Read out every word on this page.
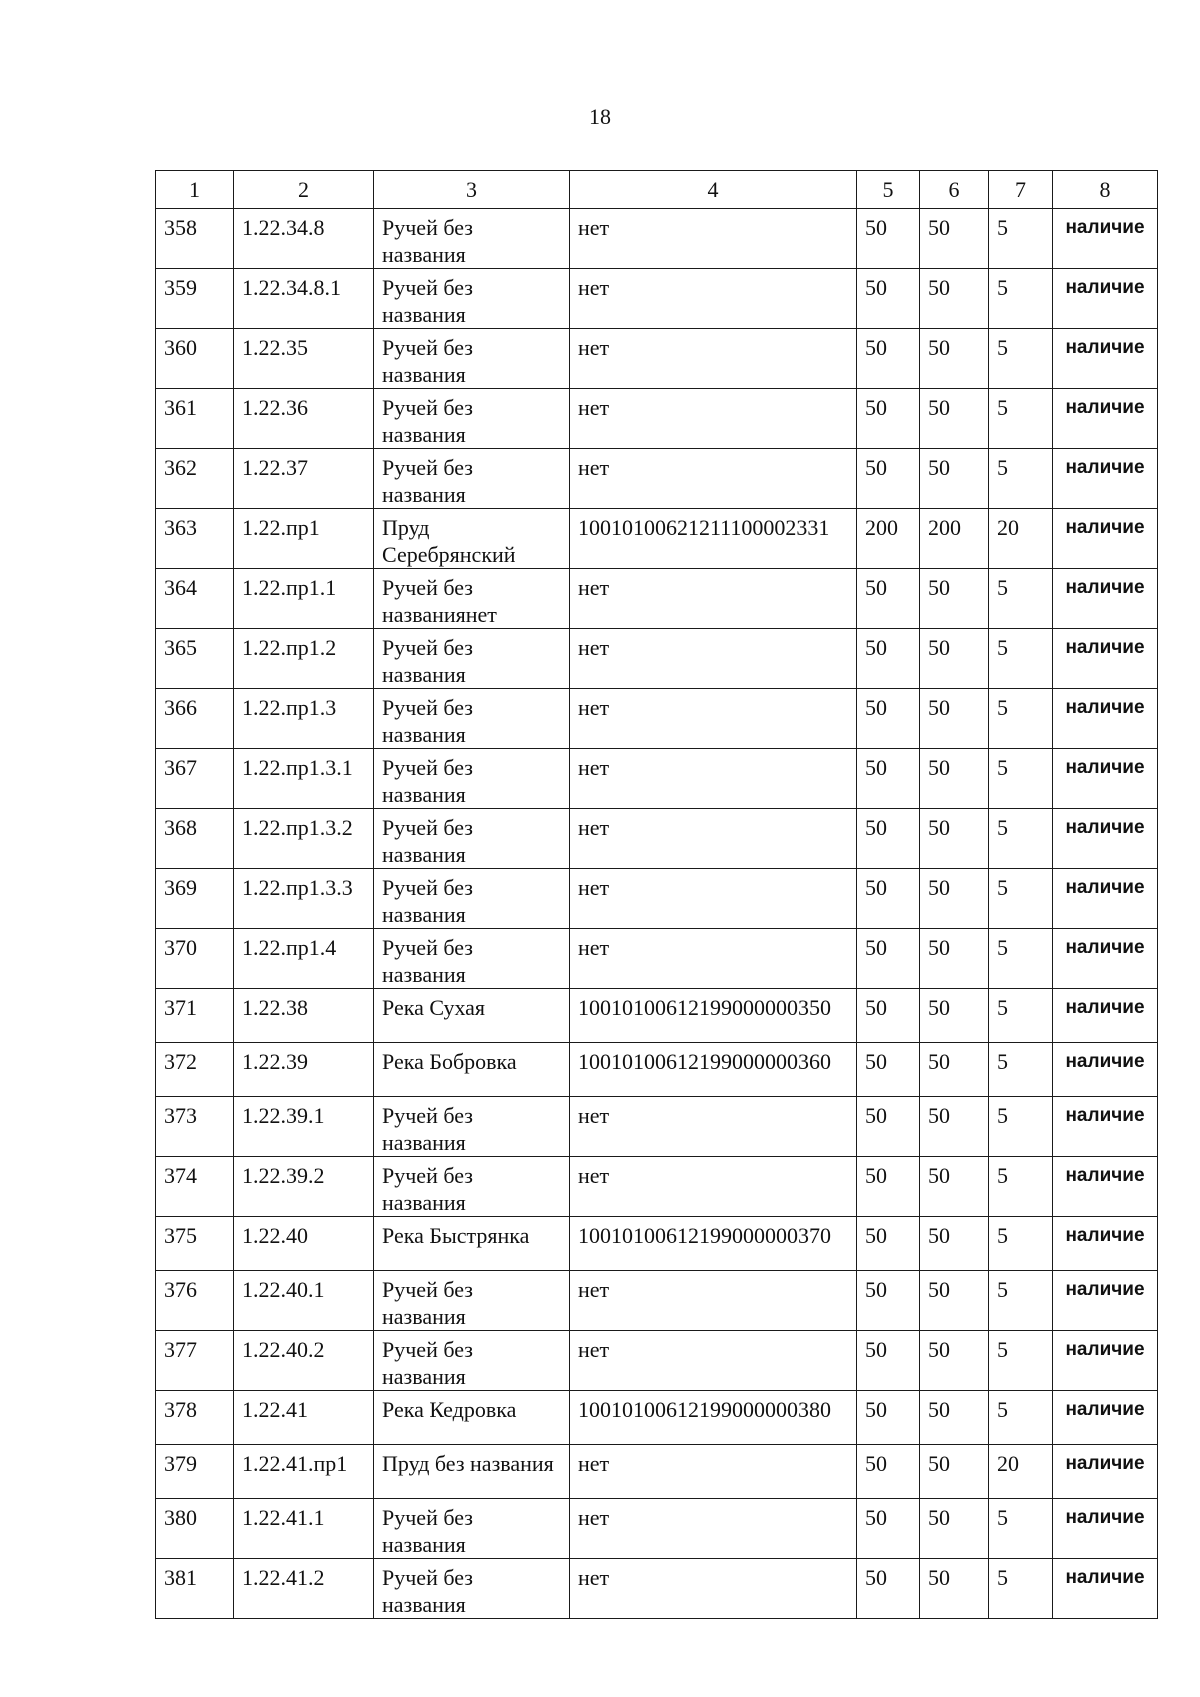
18
1	2	3	4	5	6	7	8
358	1.22.34.8	Ручей без названия	нет	50	50	5	наличие
359	1.22.34.8.1	Ручей без названия	нет	50	50	5	наличие
360	1.22.35	Ручей без названия	нет	50	50	5	наличие
361	1.22.36	Ручей без названия	нет	50	50	5	наличие
362	1.22.37	Ручей без названия	нет	50	50	5	наличие
363	1.22.пр1	Пруд Серебрянский	10010100621211100002331	200	200	20	наличие
364	1.22.пр1.1	Ручей без названиянет	нет	50	50	5	наличие
365	1.22.пр1.2	Ручей без названия	нет	50	50	5	наличие
366	1.22.пр1.3	Ручей без названия	нет	50	50	5	наличие
367	1.22.пр1.3.1	Ручей без названия	нет	50	50	5	наличие
368	1.22.пр1.3.2	Ручей без названия	нет	50	50	5	наличие
369	1.22.пр1.3.3	Ручей без названия	нет	50	50	5	наличие
370	1.22.пр1.4	Ручей без названия	нет	50	50	5	наличие
371	1.22.38	Река Сухая	10010100612199000000350	50	50	5	наличие
372	1.22.39	Река Бобровка	10010100612199000000360	50	50	5	наличие
373	1.22.39.1	Ручей без названия	нет	50	50	5	наличие
374	1.22.39.2	Ручей без названия	нет	50	50	5	наличие
375	1.22.40	Река Быстрянка	10010100612199000000370	50	50	5	наличие
376	1.22.40.1	Ручей без названия	нет	50	50	5	наличие
377	1.22.40.2	Ручей без названия	нет	50	50	5	наличие
378	1.22.41	Река Кедровка	10010100612199000000380	50	50	5	наличие
379	1.22.41.пр1	Пруд без названия	нет	50	50	20	наличие
380	1.22.41.1	Ручей без названия	нет	50	50	5	наличие
381	1.22.41.2	Ручей без названия	нет	50	50	5	наличие
